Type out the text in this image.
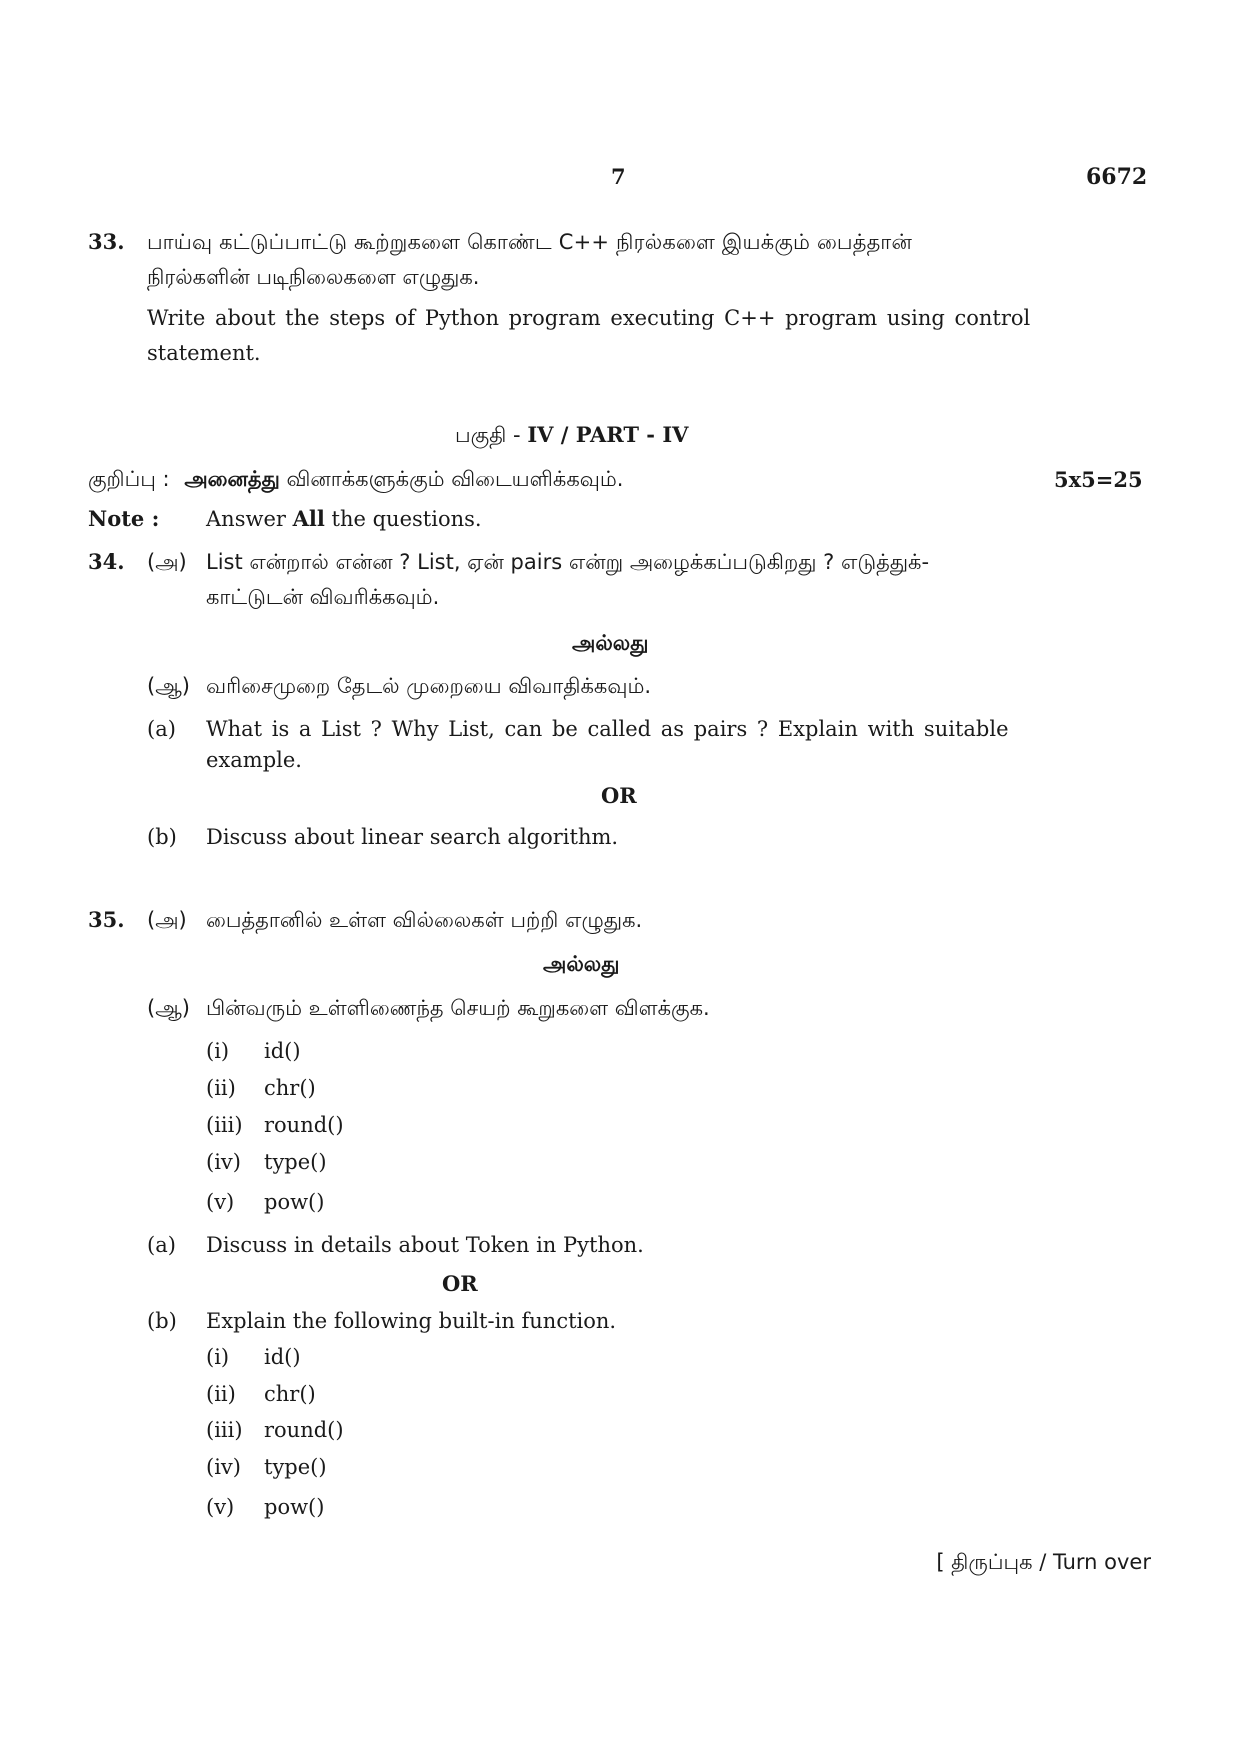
7	6672
33. பாய்வு கட்டுப்பாட்டு கூற்றுகளை கொண்ட C++ நிரல்களை இயக்கும் பைத்தான்
நிரல்களின் படிநிலைகளை எழுதுக.
Write about the steps of Python program executing C++ program using control
statement.
பகுதி - IV / PART - IV
குறிப்பு : அனைத்து வினாக்களுக்கும் விடையளிக்கவும்.	5x5=25
Note : Answer All the questions.
34. (அ) List என்றால் என்ன ? List, ஏன் pairs என்று அழைக்கப்படுகிறது ? எடுத்துக்-
காட்டுடன் விவரிக்கவும்.
அல்லது
(ஆ) வரிசைமுறை தேடல் முறையை விவாதிக்கவும்.
(a) What is a List ? Why List, can be called as pairs ? Explain with suitable
example.
OR
(b) Discuss about linear search algorithm.
35. (அ) பைத்தானில் உள்ள வில்லைகள் பற்றி எழுதுக.
அல்லது
(ஆ) பின்வரும் உள்ளிணைந்த செயற் கூறுகளை விளக்குக.
(i) id()
(ii) chr()
(iii) round()
(iv) type()
(v) pow()
(a) Discuss in details about Token in Python.
OR
(b) Explain the following built-in function.
(i) id()
(ii) chr()
(iii) round()
(iv) type()
(v) pow()
[ திருப்புக / Turn over
